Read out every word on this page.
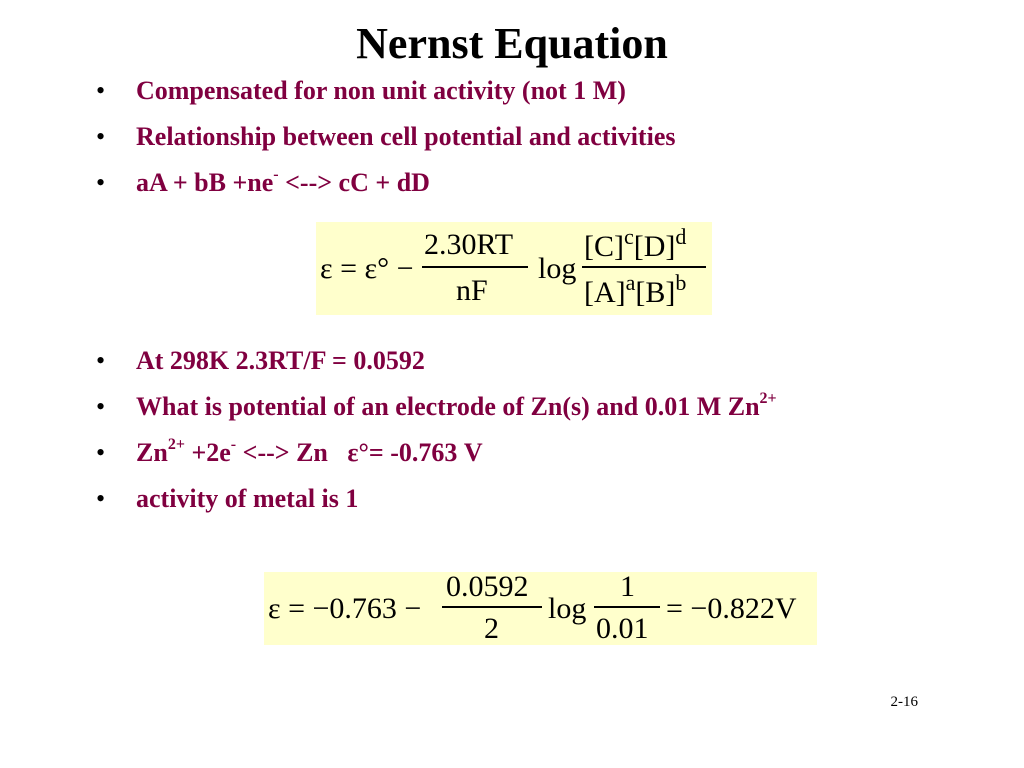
Nernst Equation
• Compensated for non unit activity (not 1 M)
• Relationship between cell potential and activities
• aA + bB +ne- <--> cC + dD
ε = ε° −
2.30RT
nF
log
$[C]^c[D]^d$
$[A]^a[B]^b$
• At 298K 2.3RT/F = 0.0592
• What is potential of an electrode of Zn(s) and 0.01 M $Zn^{2+}$
• $Zn^{2+} +2e^-$ <--> Zn   ε°= -0.763 V
• activity of metal is 1
ε = −0.763 −
0.0592
2
log
1
0.01
= −0.822V
2-16
